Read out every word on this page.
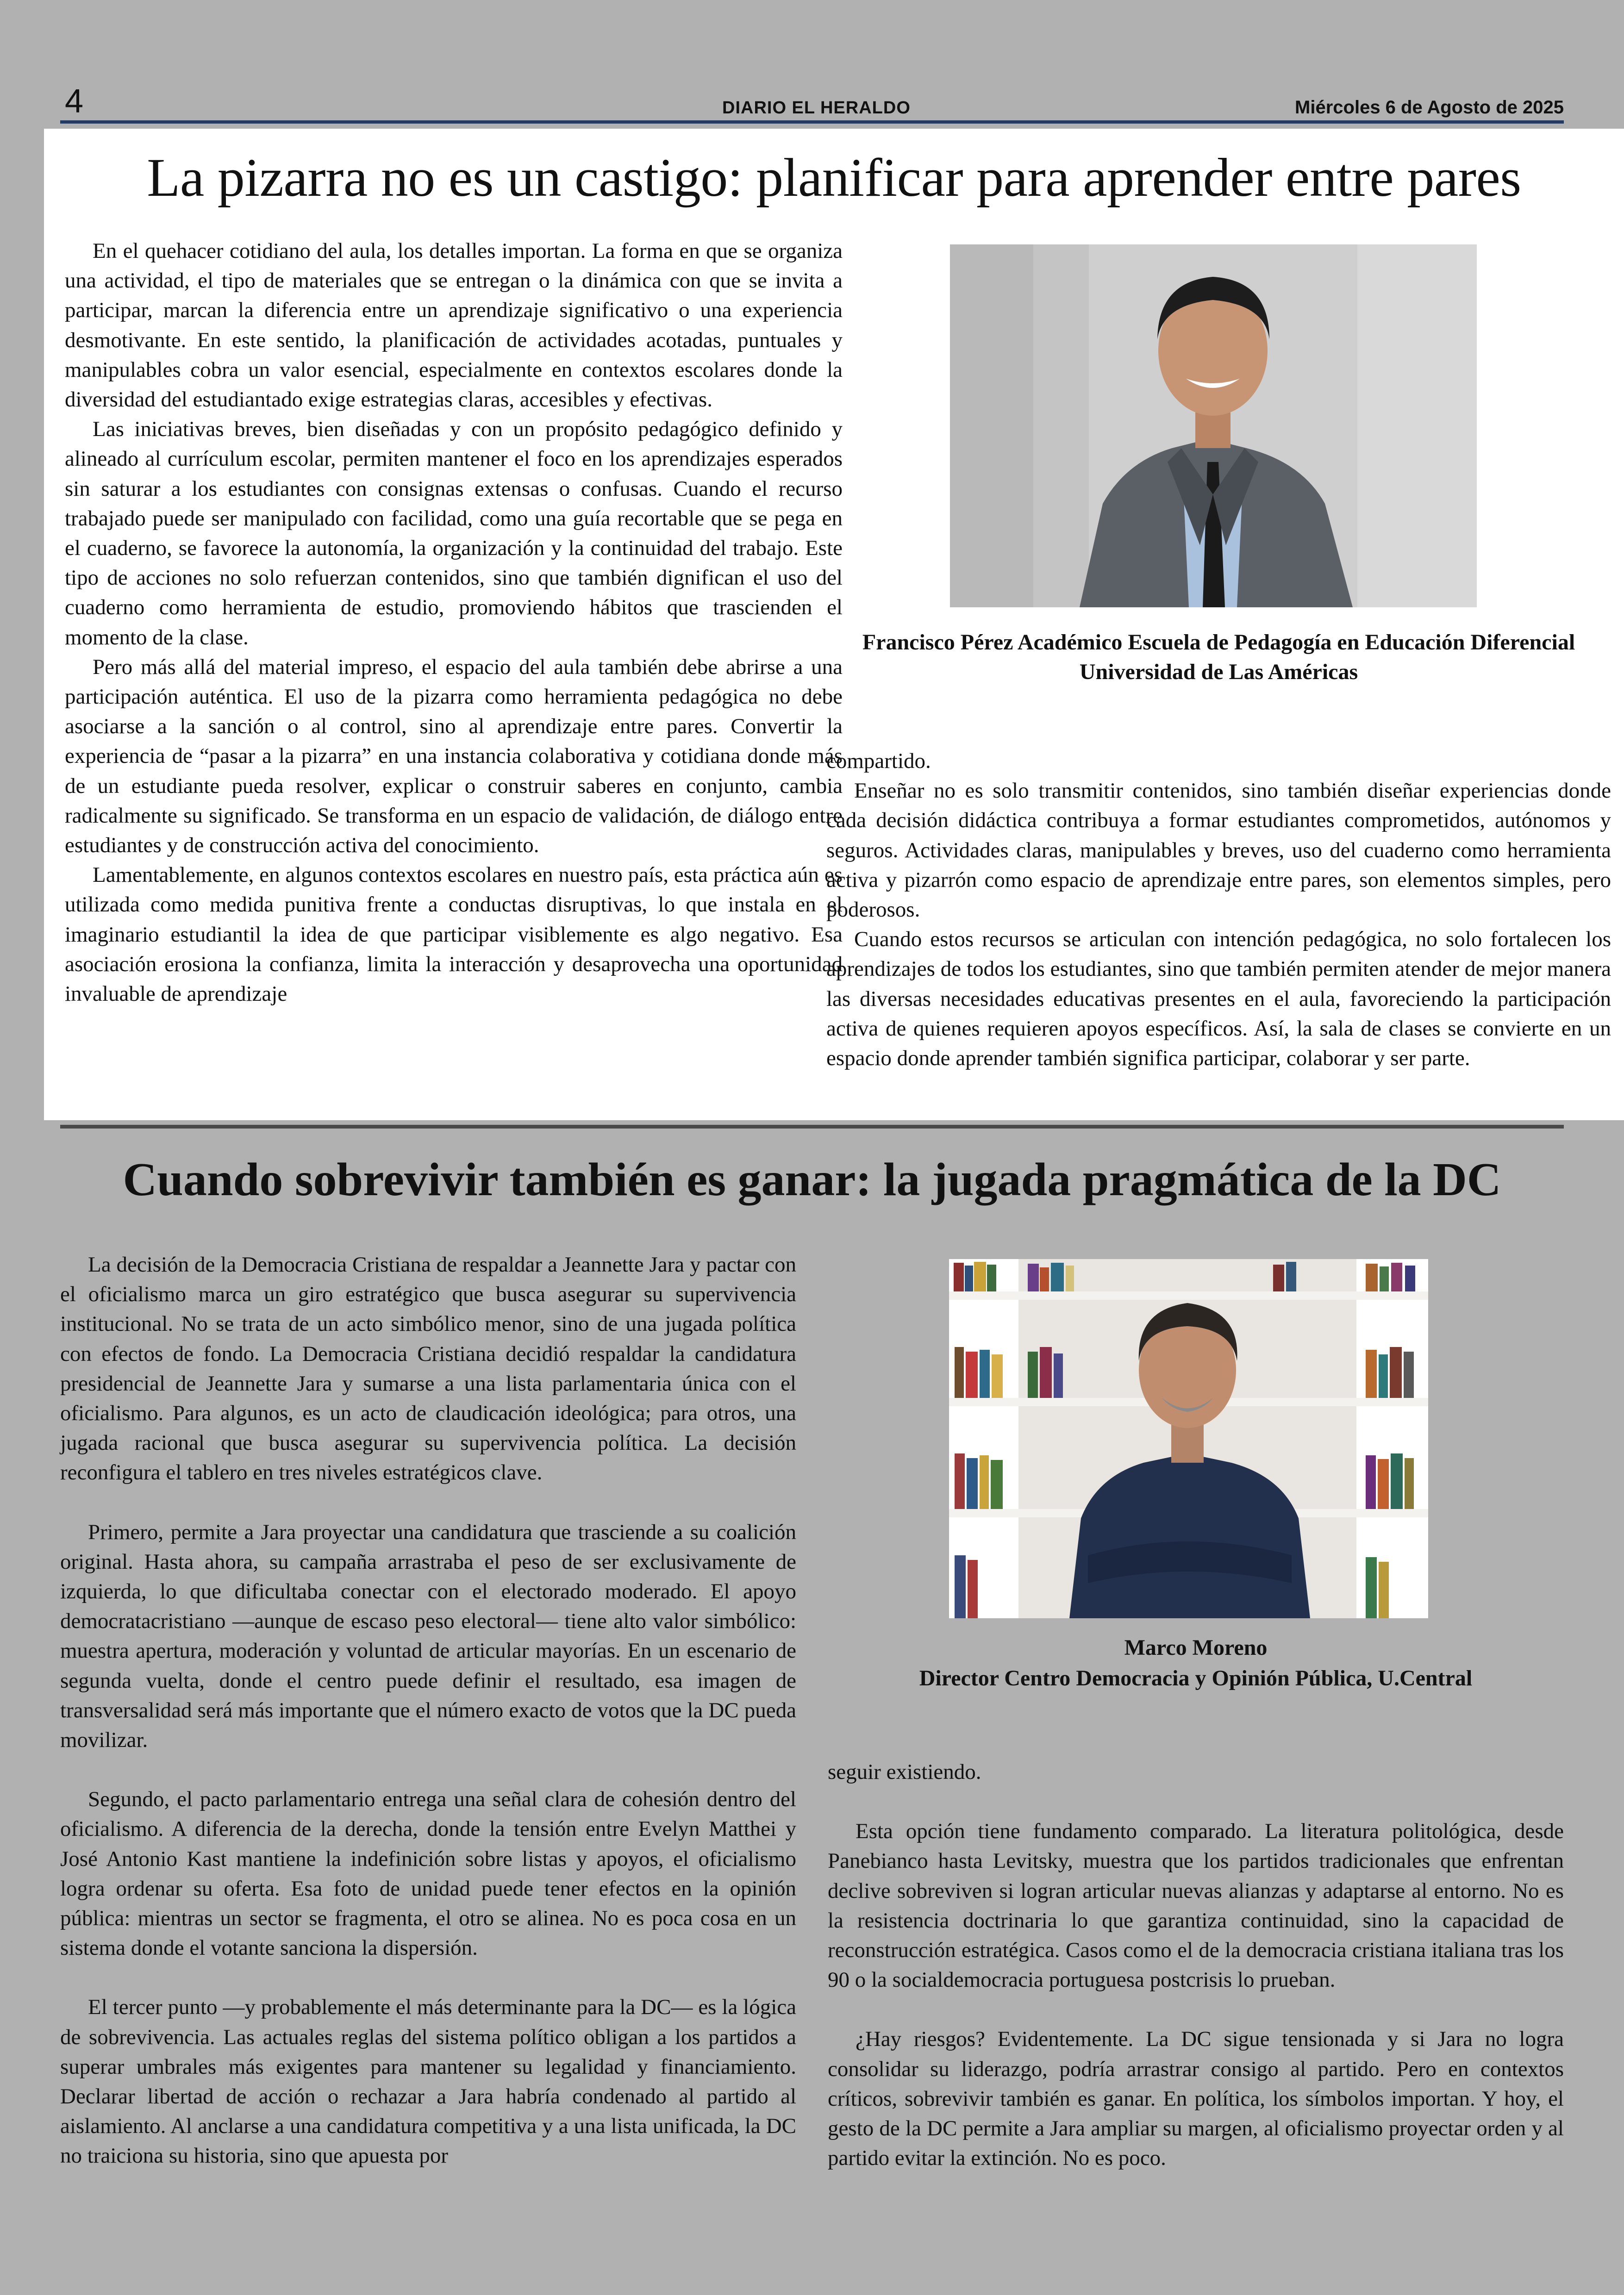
4	DIARIO EL HERALDO	Miércoles 6 de Agosto de 2025
La pizarra no es un castigo: planificar para aprender entre pares

En el quehacer cotidiano del aula, los detalles importan. La forma en que se organiza una actividad, el tipo de materiales que se entregan o la dinámica con que se invita a participar, marcan la diferencia entre un aprendizaje significativo o una experiencia desmotivante. En este sentido, la planificación de actividades acotadas, puntuales y manipulables cobra un valor esencial, especialmente en contextos escolares donde la diversidad del estudiantado exige estrategias claras, accesibles y efectivas.

Las iniciativas breves, bien diseñadas y con un propósito pedagógico definido y alineado al currículum escolar, permiten mantener el foco en los aprendizajes esperados sin saturar a los estudiantes con consignas extensas o confusas. Cuando el recurso trabajado puede ser manipulado con facilidad, como una guía recortable que se pega en el cuaderno, se favorece la autonomía, la organización y la continuidad del trabajo. Este tipo de acciones no solo refuerzan contenidos, sino que también dignifican el uso del cuaderno como herramienta de estudio, promoviendo hábitos que trascienden el momento de la clase.

Pero más allá del material impreso, el espacio del aula también debe abrirse a una participación auténtica. El uso de la pizarra como herramienta pedagógica no debe asociarse a la sanción o al control, sino al aprendizaje entre pares. Convertir la experiencia de “pasar a la pizarra” en una instancia colaborativa y cotidiana donde más de un estudiante pueda resolver, explicar o construir saberes en conjunto, cambia radicalmente su significado. Se transforma en un espacio de validación, de diálogo entre estudiantes y de construcción activa del conocimiento.

Lamentablemente, en algunos contextos escolares en nuestro país, esta práctica aún es utilizada como medida punitiva frente a conductas disruptivas, lo que instala en el imaginario estudiantil la idea de que participar visiblemente es algo negativo. Esa asociación erosiona la confianza, limita la interacción y desaprovecha una oportunidad invaluable de aprendizaje

Francisco Pérez Académico Escuela de Pedagogía en Educación Diferencial Universidad de Las Américas

compartido.

Enseñar no es solo transmitir contenidos, sino también diseñar experiencias donde cada decisión didáctica contribuya a formar estudiantes comprometidos, autónomos y seguros. Actividades claras, manipulables y breves, uso del cuaderno como herramienta activa y pizarrón como espacio de aprendizaje entre pares, son elementos simples, pero poderosos.

Cuando estos recursos se articulan con intención pedagógica, no solo fortalecen los aprendizajes de todos los estudiantes, sino que también permiten atender de mejor manera las diversas necesidades educativas presentes en el aula, favoreciendo la participación activa de quienes requieren apoyos específicos. Así, la sala de clases se convierte en un espacio donde aprender también significa participar, colaborar y ser parte.

Cuando sobrevivir también es ganar: la jugada pragmática de la DC

La decisión de la Democracia Cristiana de respaldar a Jeannette Jara y pactar con el oficialismo marca un giro estratégico que busca asegurar su supervivencia institucional. No se trata de un acto simbólico menor, sino de una jugada política con efectos de fondo. La Democracia Cristiana decidió respaldar la candidatura presidencial de Jeannette Jara y sumarse a una lista parlamentaria única con el oficialismo. Para algunos, es un acto de claudicación ideológica; para otros, una jugada racional que busca asegurar su supervivencia política. La decisión reconfigura el tablero en tres niveles estratégicos clave.

Primero, permite a Jara proyectar una candidatura que trasciende a su coalición original. Hasta ahora, su campaña arrastraba el peso de ser exclusivamente de izquierda, lo que dificultaba conectar con el electorado moderado. El apoyo democratacristiano —aunque de escaso peso electoral— tiene alto valor simbólico: muestra apertura, moderación y voluntad de articular mayorías. En un escenario de segunda vuelta, donde el centro puede definir el resultado, esa imagen de transversalidad será más importante que el número exacto de votos que la DC pueda movilizar.

Segundo, el pacto parlamentario entrega una señal clara de cohesión dentro del oficialismo. A diferencia de la derecha, donde la tensión entre Evelyn Matthei y José Antonio Kast mantiene la indefinición sobre listas y apoyos, el oficialismo logra ordenar su oferta. Esa foto de unidad puede tener efectos en la opinión pública: mientras un sector se fragmenta, el otro se alinea. No es poca cosa en un sistema donde el votante sanciona la dispersión.

El tercer punto —y probablemente el más determinante para la DC— es la lógica de sobrevivencia. Las actuales reglas del sistema político obligan a los partidos a superar umbrales más exigentes para mantener su legalidad y financiamiento. Declarar libertad de acción o rechazar a Jara habría condenado al partido al aislamiento. Al anclarse a una candidatura competitiva y a una lista unificada, la DC no traiciona su historia, sino que apuesta por

Marco Moreno
Director Centro Democracia y Opinión Pública, U.Central

seguir existiendo.

Esta opción tiene fundamento comparado. La literatura politológica, desde Panebianco hasta Levitsky, muestra que los partidos tradicionales que enfrentan declive sobreviven si logran articular nuevas alianzas y adaptarse al entorno. No es la resistencia doctrinaria lo que garantiza continuidad, sino la capacidad de reconstrucción estratégica. Casos como el de la democracia cristiana italiana tras los 90 o la socialdemocracia portuguesa postcrisis lo prueban.

¿Hay riesgos? Evidentemente. La DC sigue tensionada y si Jara no logra consolidar su liderazgo, podría arrastrar consigo al partido. Pero en contextos críticos, sobrevivir también es ganar. En política, los símbolos importan. Y hoy, el gesto de la DC permite a Jara ampliar su margen, al oficialismo proyectar orden y al partido evitar la extinción. No es poco.
